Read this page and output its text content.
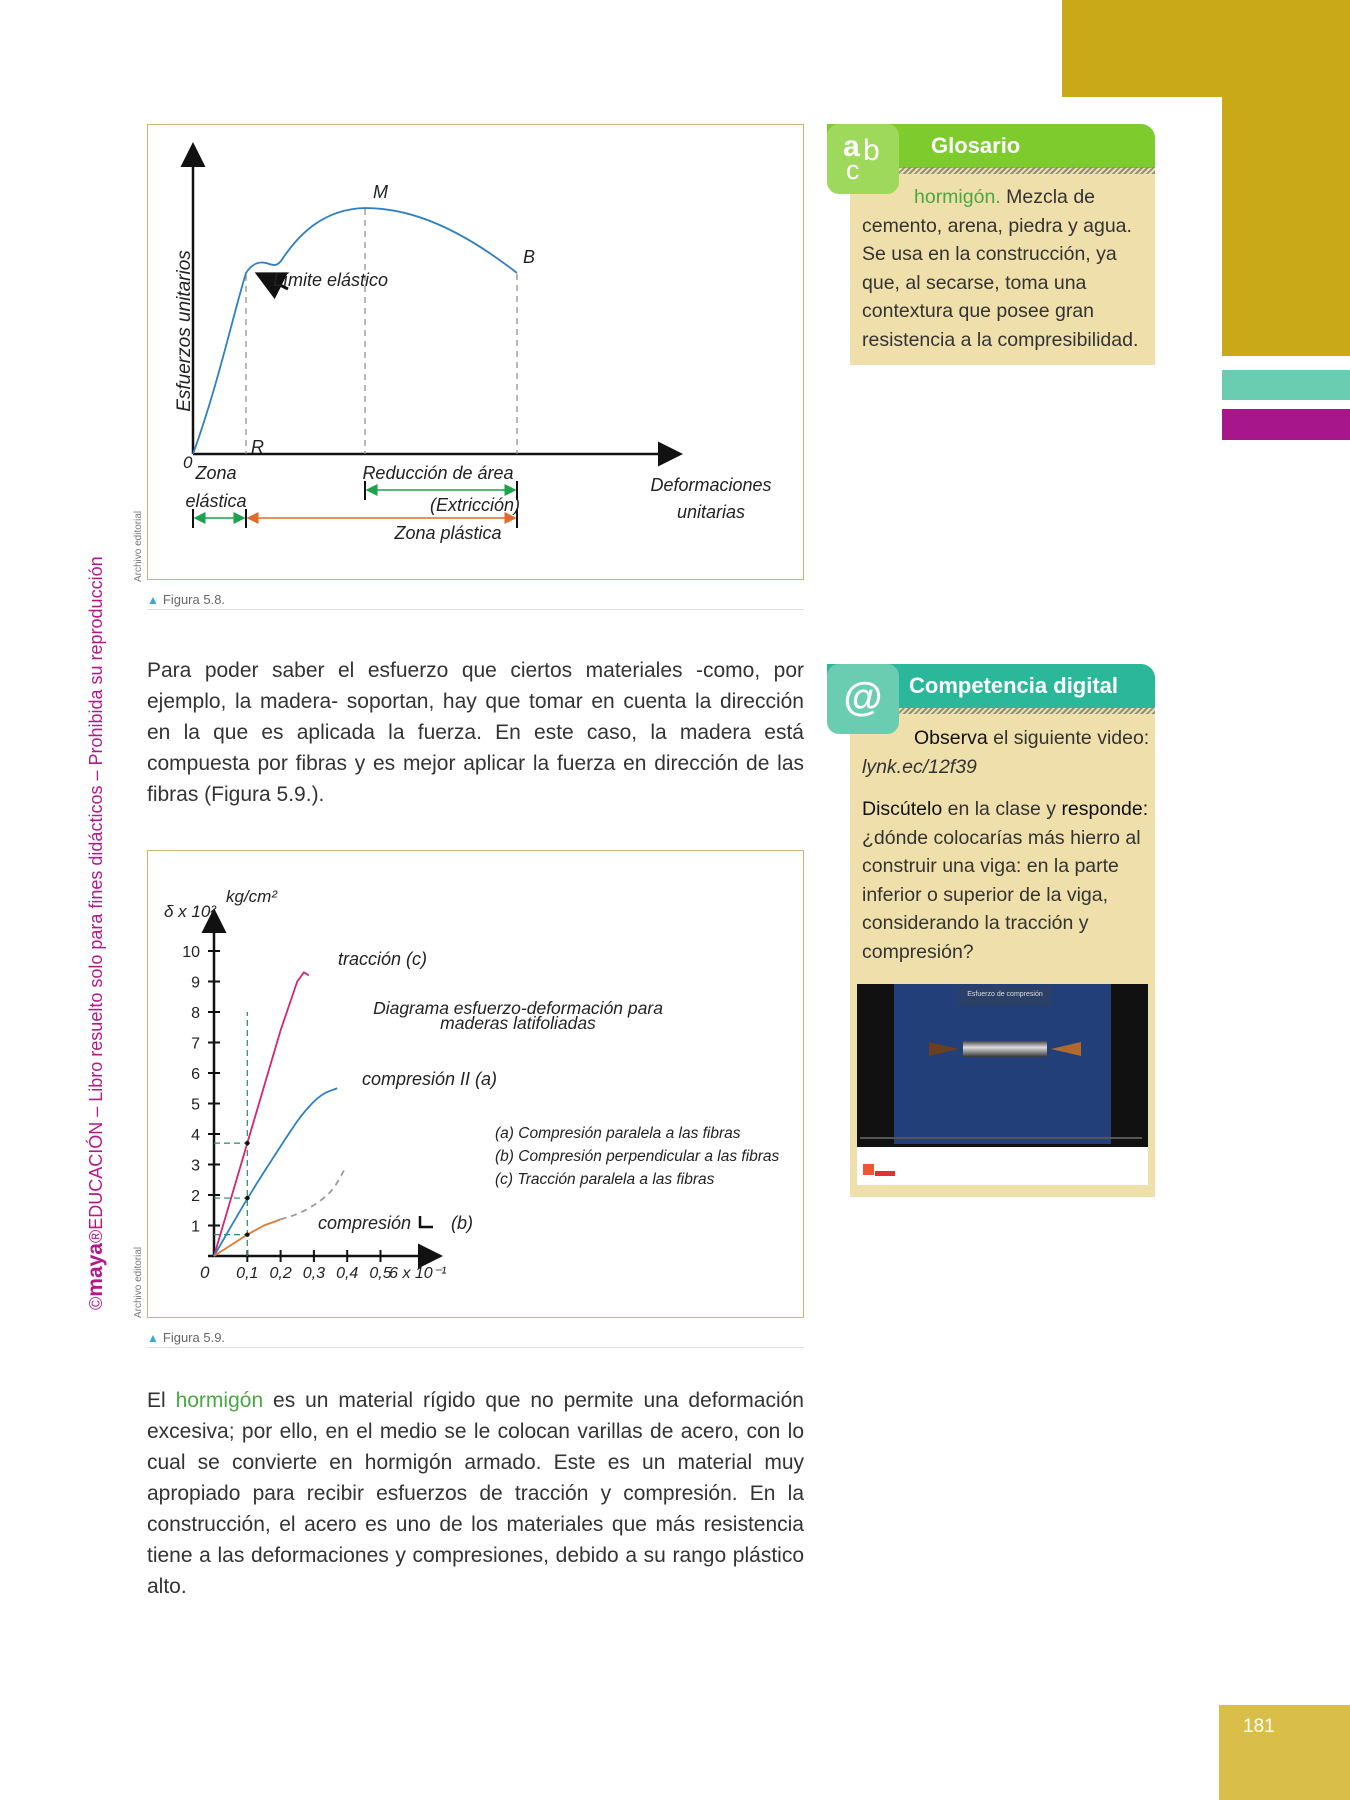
©maya®EDUCACIÓN – Libro resuelto solo para fines didácticos – Prohibida su reproducción
Archivo editorial
Archivo editorial
Esfuerzos unitarios
M
B
R
0
Límite elástico
Zona
elástica
Reducción de área
(Extricción)
Zona plástica
Deformaciones
unitarias
▲ Figura 5.8.

Para poder saber el esfuerzo que ciertos materiales -como, por ejemplo, la madera- soportan, hay que tomar en cuenta la dirección en la que es aplicada la fuerza. En este caso, la madera está compuesta por fibras y es mejor aplicar la fuerza en dirección de las fibras (Figura 5.9.).

1
2
3
4
5
6
7
8
9
10
0,1 0,2 0,3 0,4 0,5
6 x 10⁻¹
δ x 10²
kg/cm²
0
tracción (c)
Diagrama esfuerzo-deformación para
maderas latifoliadas
compresión II (a)
(a) Compresión paralela a las fibras
(b) Compresión perpendicular a las fibras
(c) Tracción paralela a las fibras
compresión (b)
▲ Figura 5.9.

El hormigón es un material rígido que no permite una deformación excesiva; por ello, en el medio se le colocan varillas de acero, con lo cual se convierte en hormigón armado. Este es un material muy apropiado para recibir esfuerzos de tracción y compresión. En la construcción, el acero es uno de los materiales que más resistencia tiene a las deformaciones y compresiones, debido a su rango plástico alto.

Glosario
a b
c

hormigón. Mezcla de cemento, arena, piedra y agua. Se usa en la construcción, ya que, al secarse, toma una contextura que posee gran resistencia a la compresibilidad.

Competencia digital
@

Observa el siguiente video: lynk.ec/12f39

Discútelo en la clase y responde: ¿dónde colocarías más hierro al construir una viga: en la parte inferior o superior de la viga, considerando la tracción y compresión?

Esfuerzo de compresión
181
